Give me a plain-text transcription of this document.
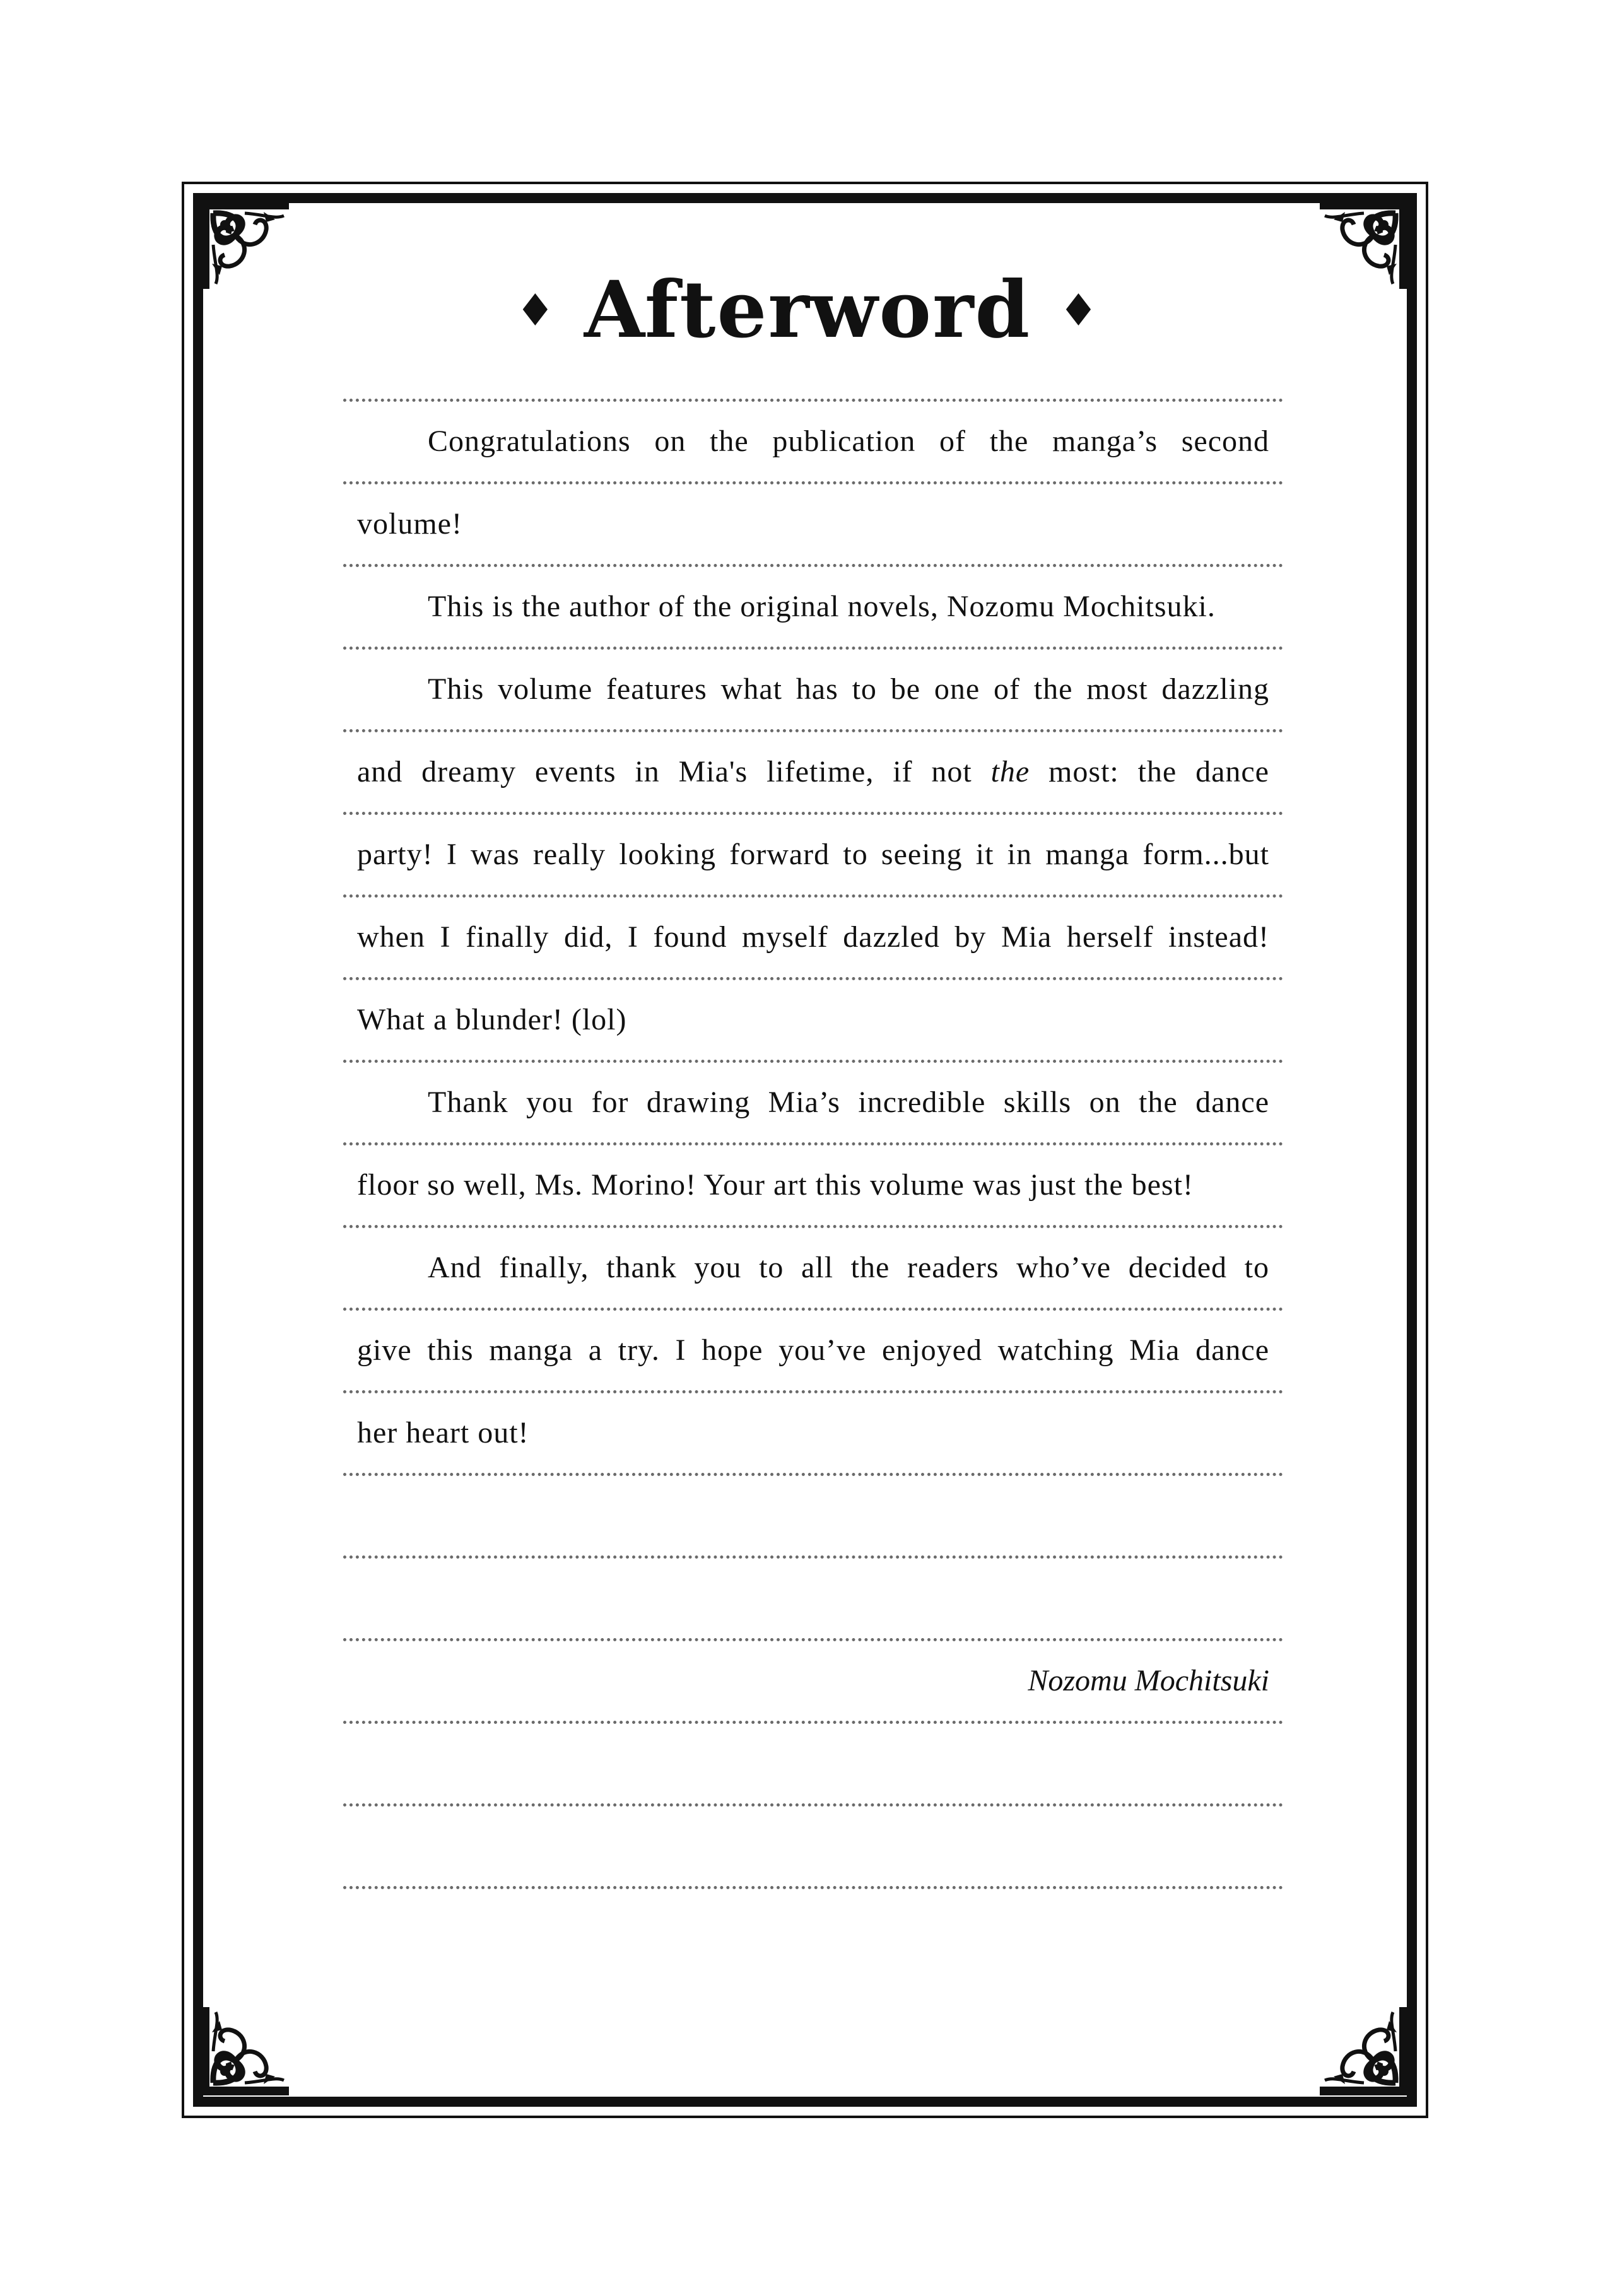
♦ Afterword ♦
Congratulations on the publication of the manga’s second
volume!
This is the author of the original novels, Nozomu Mochitsuki.
This volume features what has to be one of the most dazzling
and dreamy events in Mia's lifetime, if not the most: the dance
party! I was really looking forward to seeing it in manga form...but
when I finally did, I found myself dazzled by Mia herself instead!
What a blunder! (lol)
Thank you for drawing Mia’s incredible skills on the dance
floor so well, Ms. Morino! Your art this volume was just the best!
And finally, thank you to all the readers who’ve decided to
give this manga a try. I hope you’ve enjoyed watching Mia dance
her heart out!
Nozomu Mochitsuki
